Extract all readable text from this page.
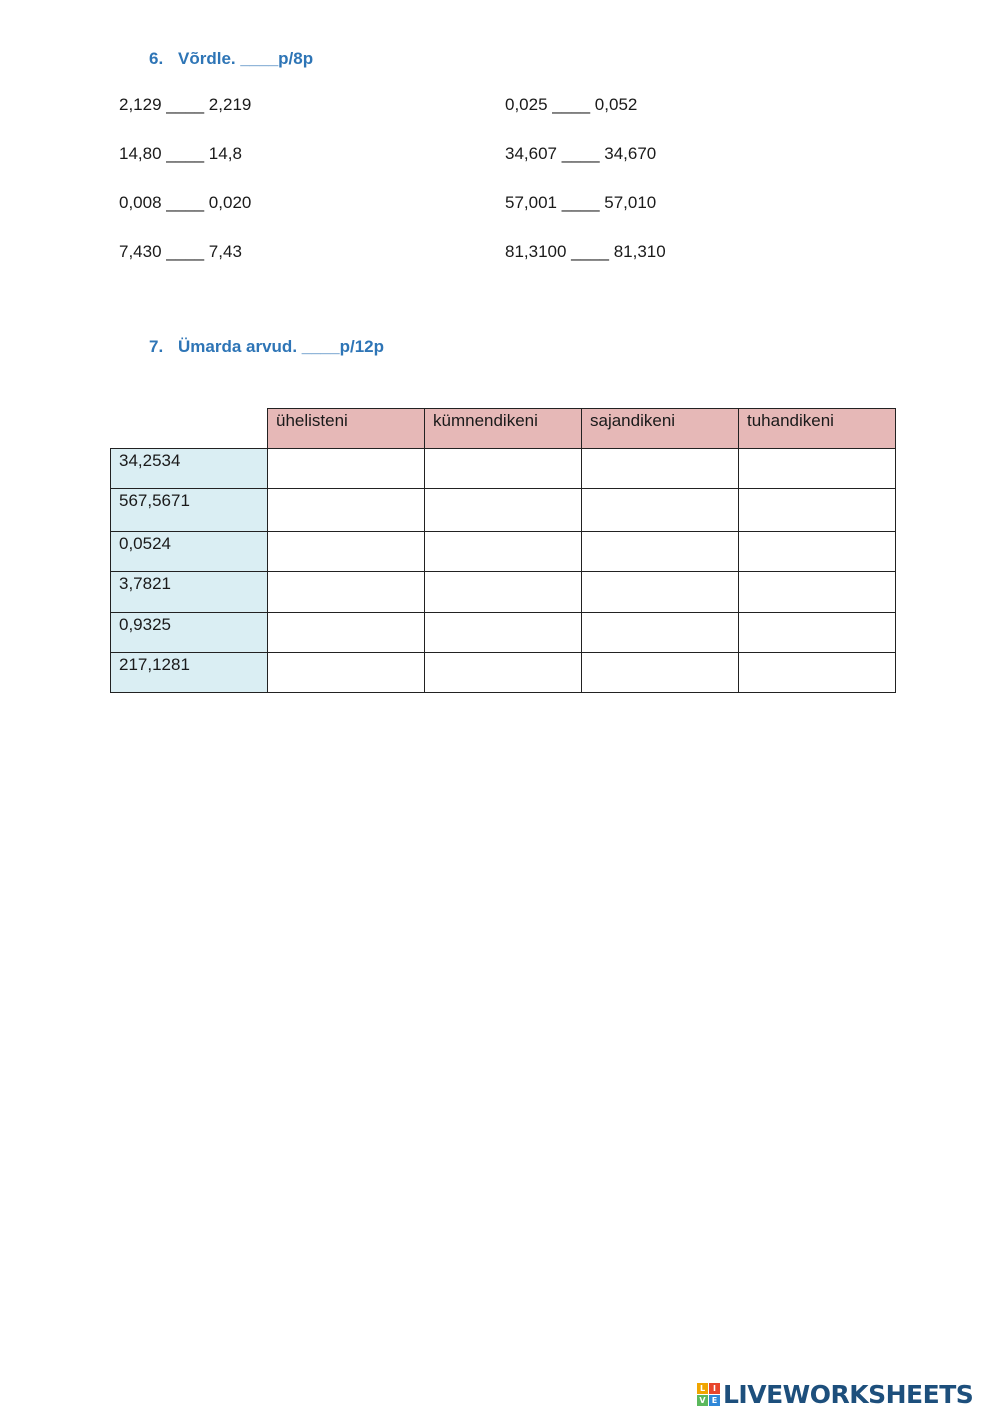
6. Võrdle. ____p/8p
2,129 ____ 2,219
14,80 ____ 14,8
0,008 ____ 0,020
7,430 ____ 7,43
0,025 ____ 0,052
34,607 ____ 34,670
57,001 ____ 57,010
81,3100 ____ 81,310
7. Ümarda arvud. ____p/12p
	ühelisteni	kümnendikeni	sajandikeni	tuhandikeni
34,2534				
567,5671				
0,0524				
3,7821				
0,9325				
217,1281				
L I
V E LIVEWORKSHEETS
